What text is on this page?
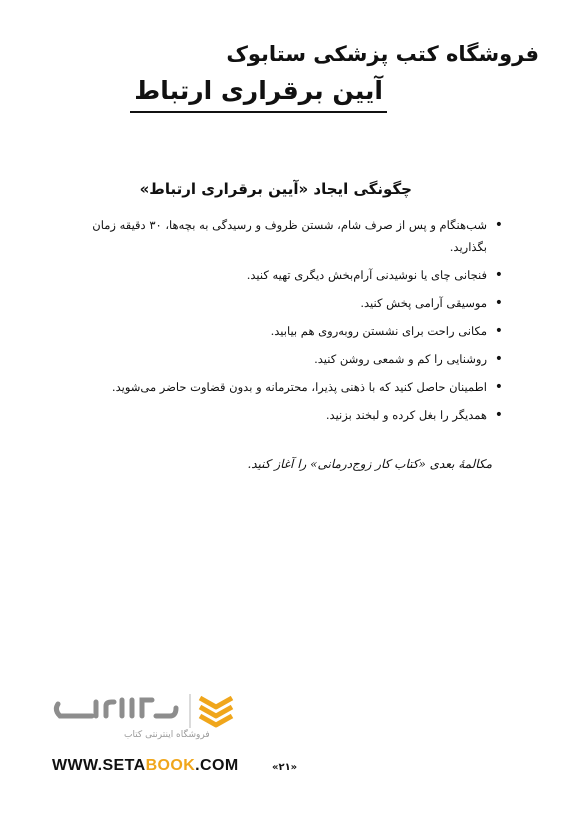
فروشگاه کتب پزشکی ستابوک
آیین برقراری ارتباط
چگونگی ایجاد «آیین برقراری ارتباط»
• شب‌هنگام و پس از صرف شام، شستن ظروف و رسیدگی به بچه‌ها، ۳۰ دقیقه زمان بگذارید.
• فنجانی چای یا نوشیدنی آرام‌بخش دیگری تهیه کنید.
• موسیقی آرامی پخش کنید.
• مکانی راحت برای نشستن روبه‌روی هم بیابید.
• روشنایی را کم و شمعی روشن کنید.
• اطمینان حاصل کنید که با ذهنی پذیرا، محترمانه و بدون قضاوت حاضر می‌شوید.
• همدیگر را بغل کرده و لبخند بزنید.
مکالمهٔ بعدی «کتاب کار زوج‌درمانی» را آغاز کنید.
فروشگاه اینترنتی کتاب
WWW.SETABOOK.COM	«۲۱»
